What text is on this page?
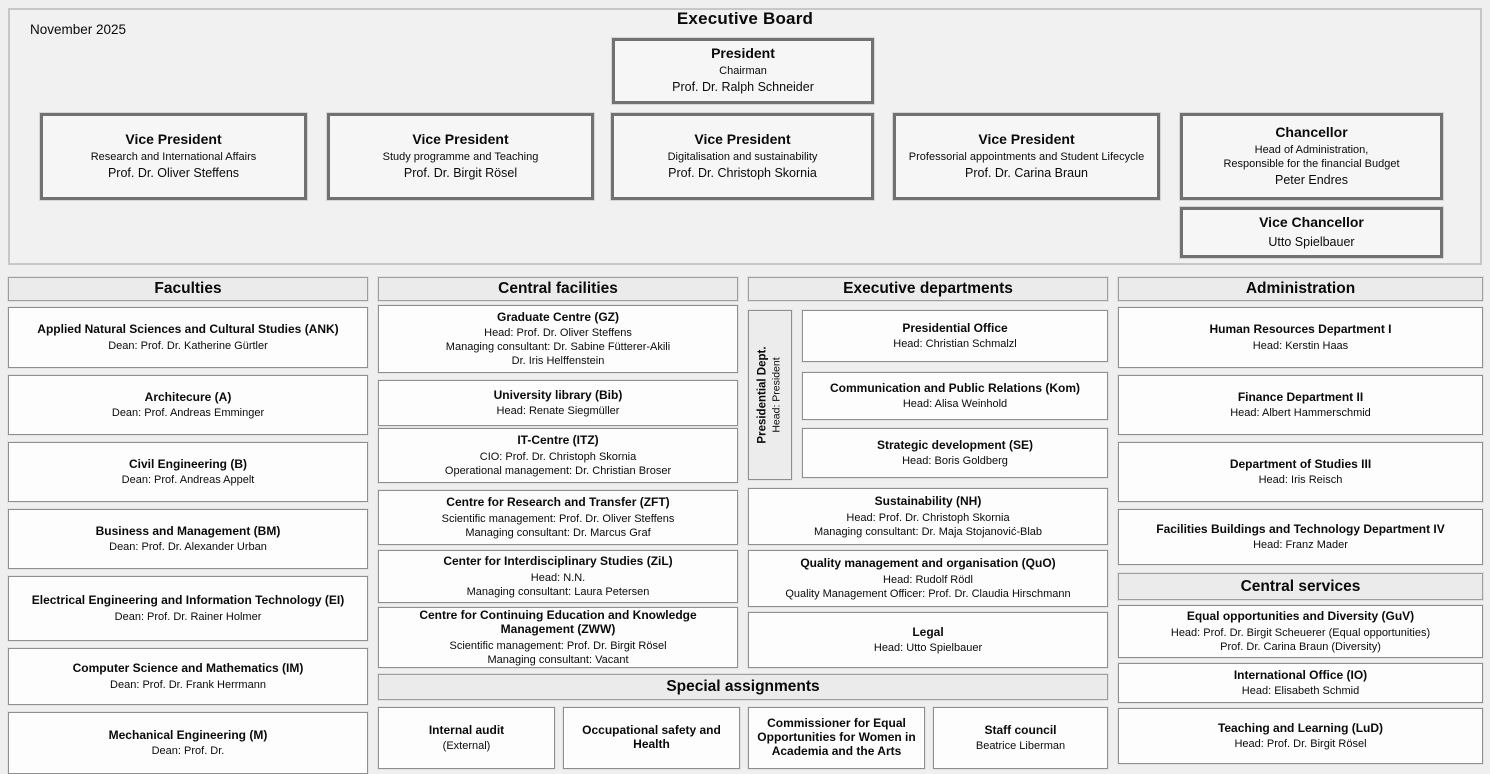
November 2025
Executive Board
Faculties	Central facilities	Executive departments	Administration
Special assignments
Central services
Presidential Dept. Head: President
President
Chairman
Prof. Dr. Ralph Schneider
Vice President
Research and International Affairs
Prof. Dr. Oliver Steffens
Vice President
Study programme and Teaching
Prof. Dr. Birgit Rösel
Vice President
Digitalisation and sustainability
Prof. Dr. Christoph Skornia
Vice President
Professorial appointments and Student Lifecycle
Prof. Dr. Carina Braun
Chancellor
Head of Administration,
Responsible for the financial Budget
Peter Endres
Vice Chancellor
Utto Spielbauer
Applied Natural Sciences and Cultural Studies (ANK)
Dean: Prof. Dr. Katherine Gürtler
Architecure (A)
Dean: Prof. Andreas Emminger
Civil Engineering (B)
Dean: Prof. Andreas Appelt
Business and Management (BM)
Dean: Prof. Dr. Alexander Urban
Electrical Engineering and Information Technology (EI)
Dean: Prof. Dr. Rainer Holmer
Computer Science and Mathematics (IM)
Dean: Prof. Dr. Frank Herrmann
Mechanical Engineering (M)
Dean: Prof. Dr.
Graduate Centre (GZ)
Head: Prof. Dr. Oliver Steffens
Managing consultant: Dr. Sabine Fütterer-Akili
Dr. Iris Helffenstein
University library (Bib)
Head: Renate Siegmüller
IT-Centre (ITZ)
CIO: Prof. Dr. Christoph Skornia
Operational management: Dr. Christian Broser
Centre for Research and Transfer (ZFT)
Scientific management: Prof. Dr. Oliver Steffens
Managing consultant: Dr. Marcus Graf
Center for Interdisciplinary Studies (ZiL)
Head: N.N.
Managing consultant: Laura Petersen
Centre for Continuing Education and Knowledge Management (ZWW)
Scientific management: Prof. Dr. Birgit Rösel
Managing consultant: Vacant
Presidential Office
Head: Christian Schmalzl
Communication and Public Relations (Kom)
Head: Alisa Weinhold
Strategic development (SE)
Head: Boris Goldberg
Sustainability (NH)
Head: Prof. Dr. Christoph Skornia
Managing consultant: Dr. Maja Stojanović-Blab
Quality management and organisation (QuO)
Head: Rudolf Rödl
Quality Management Officer: Prof. Dr. Claudia Hirschmann
Legal
Head: Utto Spielbauer
Human Resources Department I
Head: Kerstin Haas
Finance Department II
Head: Albert Hammerschmid
Department of Studies III
Head: Iris Reisch
Facilities Buildings and Technology Department IV
Head: Franz Mader
Equal opportunities and Diversity (GuV)
Head: Prof. Dr. Birgit Scheuerer (Equal opportunities)
Prof. Dr. Carina Braun (Diversity)
International Office (IO)
Head: Elisabeth Schmid
Teaching and Learning (LuD)
Head: Prof. Dr. Birgit Rösel
Internal audit
(External)
Occupational safety and Health
Commissioner for Equal Opportunities for Women in Academia and the Arts
Staff council
Beatrice Liberman
